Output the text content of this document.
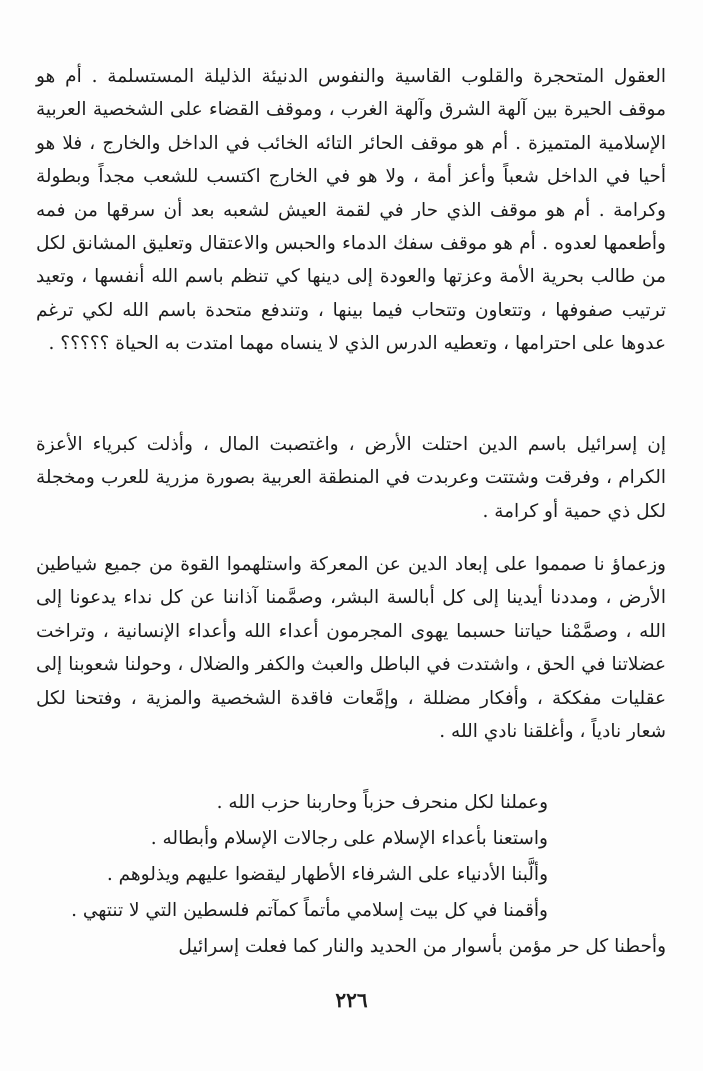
العقول المتحجرة والقلوب القاسية والنفوس الدنيئة الذليلة المستسلمة . أم هو موقف الحيرة بين آلهة الشرق وآلهة الغرب ، وموقف القضاء على الشخصية العربية الإسلامية المتميزة . أم هو موقف الحائر التائه الخائب في الداخل والخارج ، فلا هو أحيا في الداخل شعباً وأعز أمة ، ولا هو في الخارج اكتسب للشعب مجداً وبطولة وكرامة . أم هو موقف الذي حار في لقمة العيش لشعبه بعد أن سرقها من فمه وأطعمها لعدوه . أم هو موقف سفك الدماء والحبس والاعتقال وتعليق المشانق لكل من طالب بحرية الأمة وعزتها والعودة إلى دينها كي تنظم باسم الله أنفسها ، وتعيد ترتيب صفوفها ، وتتعاون وتتحاب فيما بينها ، وتندفع متحدة باسم الله لكي ترغم عدوها على احترامها ، وتعطيه الدرس الذي لا ينساه مهما امتدت به الحياة ؟؟؟؟؟ .

إن إسرائيل باسم الدين احتلت الأرض ، واغتصبت المال ، وأذلت كبرياء الأعزة الكرام ، وفرقت وشتتت وعربدت في المنطقة العربية بصورة مزرية للعرب ومخجلة لكل ذي حمية أو كرامة .

وزعماؤ نا صمموا على إبعاد الدين عن المعركة واستلهموا القوة من جميع شياطين الأرض ، ومددنا أيدينا إلى كل أبالسة البشر، وصمَّمنا آذاننا عن كل نداء يدعونا إلى الله ، وصمَّمْنا حياتنا حسبما يهوى المجرمون أعداء الله وأعداء الإنسانية ، وتراخت عضلاتنا في الحق ، واشتدت في الباطل والعبث والكفر والضلال ، وحولنا شعوبنا إلى عقليات مفككة ، وأفكار مضللة ، وإمَّعات فاقدة الشخصية والمزية ، وفتحنا لكل شعار نادياً ، وأغلقنا نادي الله .

وعملنا لكل منحرف حزباً وحاربنا حزب الله .
واستعنا بأعداء الإسلام على رجالات الإسلام وأبطاله .
وألَّبنا الأدنياء على الشرفاء الأطهار ليقضوا عليهم ويذلوهم .
وأقمنا في كل بيت إسلامي مأتماً كمآتم فلسطين التي لا تنتهي .

وأحطنا كل حر مؤمن بأسوار من الحديد والنار كما فعلت إسرائيل

٢٢٦
